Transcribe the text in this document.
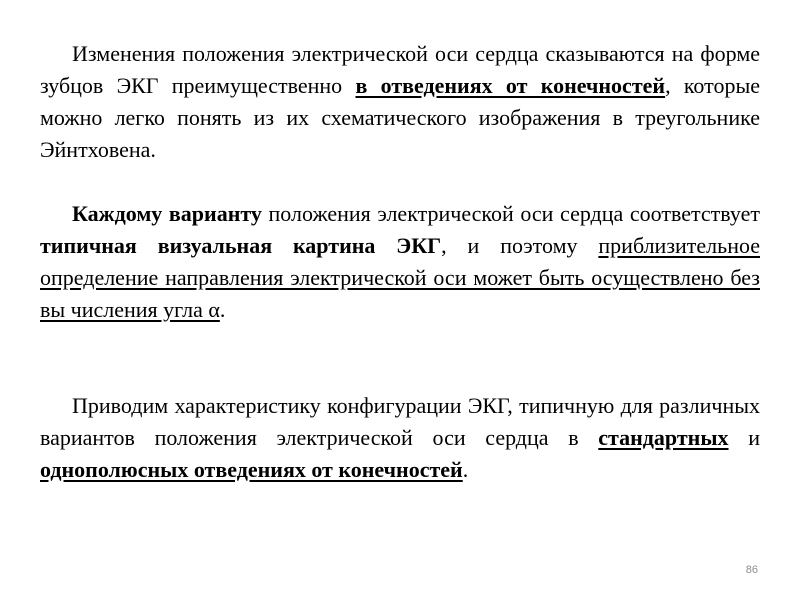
Изменения положения электрической оси сердца сказываются на форме зубцов ЭКГ преимущественно в отведениях от конечностей, которые можно легко понять из их схематического изображения в треугольнике Эйнтховена.

Каждому варианту положения электрической оси сердца соответствует типичная визуальная картина ЭКГ, и поэтому приблизительное определение направления электрической оси может быть осуществлено без вы числения угла α.

Приводим характеристику конфигурации ЭКГ, типичную для различных вариантов положения электрической оси сердца в стандартных и однополюсных отведениях от конечностей.

86
